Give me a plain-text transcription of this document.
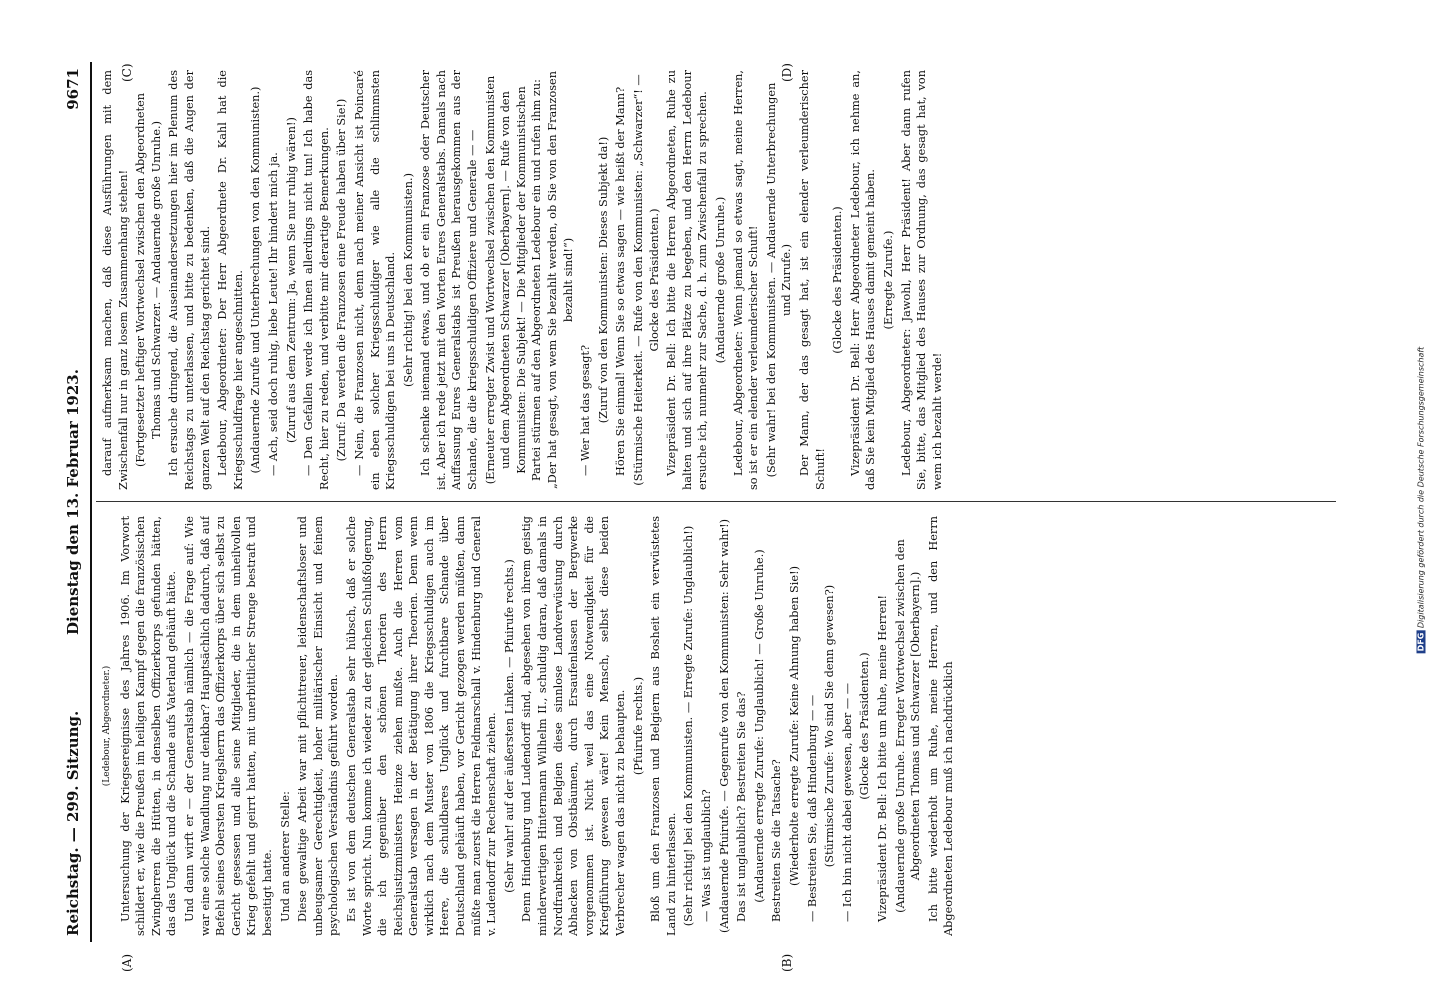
Reichstag. — 299. Sitzung.
Dienstag den 13. Februar 1923.
9671

(Ledebour, Abgeordneter.) Untersuchung der Kriegsereignisse des Jahres 1906. Im Vorwort schildert er, wie die Preußen im heiligen Kampf gegen die französischen Zwingherren die Hütten, in denselben Offizierkorps gefunden hätten, das das Unglück und die Schande aufs Vaterland gehäuft hätte. Und dann wirft er — der Generalstab nämlich — die Frage auf: Wie war eine solche Wandlung nur denkbar? Hauptsächlich dadurch, daß auf Befehl seines Obersten Kriegsherrn das Offizierkorps über sich selbst zu Gericht gesessen und alle seine Mitglieder, die in dem unheilvollen Krieg gefehlt und geirrt hatten, mit unerbittlicher Strenge bestraft und beseitigt hatte. Und an anderer Stelle: Diese gewaltige Arbeit war mit pflichttreuer, leidenschaftsloser und unbeugsamer Gerechtigkeit, hoher militärischer Einsicht und feinem psychologischen Verständnis geführt worden. Es ist von dem deutschen Generalstab sehr hübsch, daß er solche Worte spricht. Nun komme ich wieder zu der gleichen Schlußfolgerung, die ich gegenüber den schönen Theorien des Herrn Reichsjustizministers Heinze ziehen mußte. Auch die Herren vom Generalstab versagen in der Betätigung ihrer Theorien. Denn wenn wirklich nach dem Muster von 1806 die Kriegsschuldigen auch im Heere, die schuldbares Unglück und furchtbare Schande über Deutschland gehäuft haben, vor Gericht gezogen werden müßten, dann müßte man zuerst die Herren Feldmarschall v. Hindenburg und General v. Ludendorff zur Rechenschaft ziehen. (Sehr wahr! auf der äußersten Linken. — Pfuirufe rechts.) Denn Hindenburg und Ludendorff sind, abgesehen von ihrem geistig minderwertigen Hintermann Wilhelm II., schuldig daran, daß damals in Nordfrankreich und Belgien diese sinnlose Landverwüstung durch Abhacken von Obstbäumen, durch Ersaufenlassen der Bergwerke vorgenommen ist. Nicht weil das eine Notwendigkeit für die Kriegführung gewesen wäre! Kein Mensch, selbst diese beiden Verbrecher wagen das nicht zu behaupten. (Pfuirufe rechts.) Bloß um den Franzosen und Belgiern aus Bosheit ein verwüstetes Land zu hinterlassen. (Sehr richtig! bei den Kommunisten. — Erregte Zurufe: Unglaublich!) — Was ist unglaublich? (Andauernde Pfuirufe. — Gegenrufe von den Kommunisten: Sehr wahr!) Das ist unglaublich? Bestreiten Sie das? (Andauernde erregte Zurufe: Unglaublich! — Große Unruhe.) Bestreiten Sie die Tatsache? (Wiederholte erregte Zurufe: Keine Ahnung haben Sie!) — Bestreiten Sie, daß Hindenburg — — (Stürmische Zurufe: Wo sind Sie denn gewesen?) — Ich bin nicht dabei gewesen, aber — — (Glocke des Präsidenten.) Vizepräsident Dr. Bell: Ich bitte um Ruhe, meine Herren! (Andauernde große Unruhe. Erregter Wortwechsel zwischen den Abgeordneten Thomas und Schwarzer [Oberbayern].) Ich bitte wiederholt um Ruhe, meine Herren, und den Herrn Abgeordneten Ledebour muß ich nachdrücklich

darauf aufmerksam machen, daß diese Ausführungen mit dem Zwischenfall nur in ganz losem Zusammenhang stehen! (Fortgesetzter heftiger Wortwechsel zwischen den Abgeordneten Thomas und Schwarzer. — Andauernde große Unruhe.) Ich ersuche dringend, die Auseinandersetzungen hier im Plenum des Reichstags zu unterlassen, und bitte zu bedenken, daß die Augen der ganzen Welt auf den Reichstag gerichtet sind. Ledebour, Abgeordneter: Der Herr Abgeordnete Dr. Kahl hat die Kriegsschuldfrage hier angeschnitten. (Andauernde Zurufe und Unterbrechungen von den Kommunisten.) — Ach, seid doch ruhig, liebe Leute! Ihr hindert mich ja. (Zuruf aus dem Zentrum: Ja, wenn Sie nur ruhig wären!) — Den Gefallen werde ich Ihnen allerdings nicht tun! Ich habe das Recht, hier zu reden, und verbitte mir derartige Bemerkungen. (Zuruf: Da werden die Franzosen eine Freude haben über Sie!) — Nein, die Franzosen nicht, denn nach meiner Ansicht ist Poincaré ein eben solcher Kriegsschuldiger wie alle die schlimmsten Kriegsschuldigen bei uns in Deutschland. (Sehr richtig! bei den Kommunisten.) Ich schenke niemand etwas, und ob er ein Franzose oder Deutscher ist. Aber ich rede jetzt mit den Worten Eures Generalstabs. Damals nach Auffassung Eures Generalstabs ist Preußen herausgekommen aus der Schande, die die kriegsschuldigen Offiziere und Generale — — (Erneuter erregter Zwist und Wortwechsel zwischen den Kommunisten und dem Abgeordneten Schwarzer [Oberbayern]. — Rufe von den Kommunisten: Die Subjekt! — Die Mitglieder der Kommunistischen Partei stürmen auf den Abgeordneten Ledebour ein und rufen ihm zu: „Der hat gesagt, von wem Sie bezahlt werden, ob Sie von den Franzosen bezahlt sind!“)

— Wer hat das gesagt? (Zuruf von den Kommunisten: Dieses Subjekt da!) Hören Sie einmal! Wenn Sie so etwas sagen — wie heißt der Mann? (Stürmische Heiterkeit. — Rufe von den Kommunisten: „Schwarzer“! — Glocke des Präsidenten.) Vizepräsident Dr. Bell: Ich bitte die Herren Abgeordneten, Ruhe zu halten und sich auf ihre Plätze zu begeben, und den Herrn Ledebour ersuche ich, nunmehr zur Sache, d. h. zum Zwischenfall zu sprechen. (Andauernde große Unruhe.) Ledebour, Abgeordneter: Wenn jemand so etwas sagt, meine Herren, so ist er ein elender verleumderischer Schuft! (Sehr wahr! bei den Kommunisten. — Andauernde Unterbrechungen und Zurufe.) Der Mann, der das gesagt hat, ist ein elender verleumderischer Schuft!

(Glocke des Präsidenten.) Vizepräsident Dr. Bell: Herr Abgeordneter Ledebour, ich nehme an, daß Sie kein Mitglied des Hauses damit gemeint haben. (Erregte Zurufe.) Ledebour, Abgeordneter: Jawohl, Herr Präsident! Aber dann rufen Sie, bitte, das Mitglied des Hauses zur Ordnung, das gesagt hat, von wem ich bezahlt werde!

(A)	(B)
(C)	(D)
DFG Digitalisierung gefördert durch die Deutsche Forschungsgemeinschaft
